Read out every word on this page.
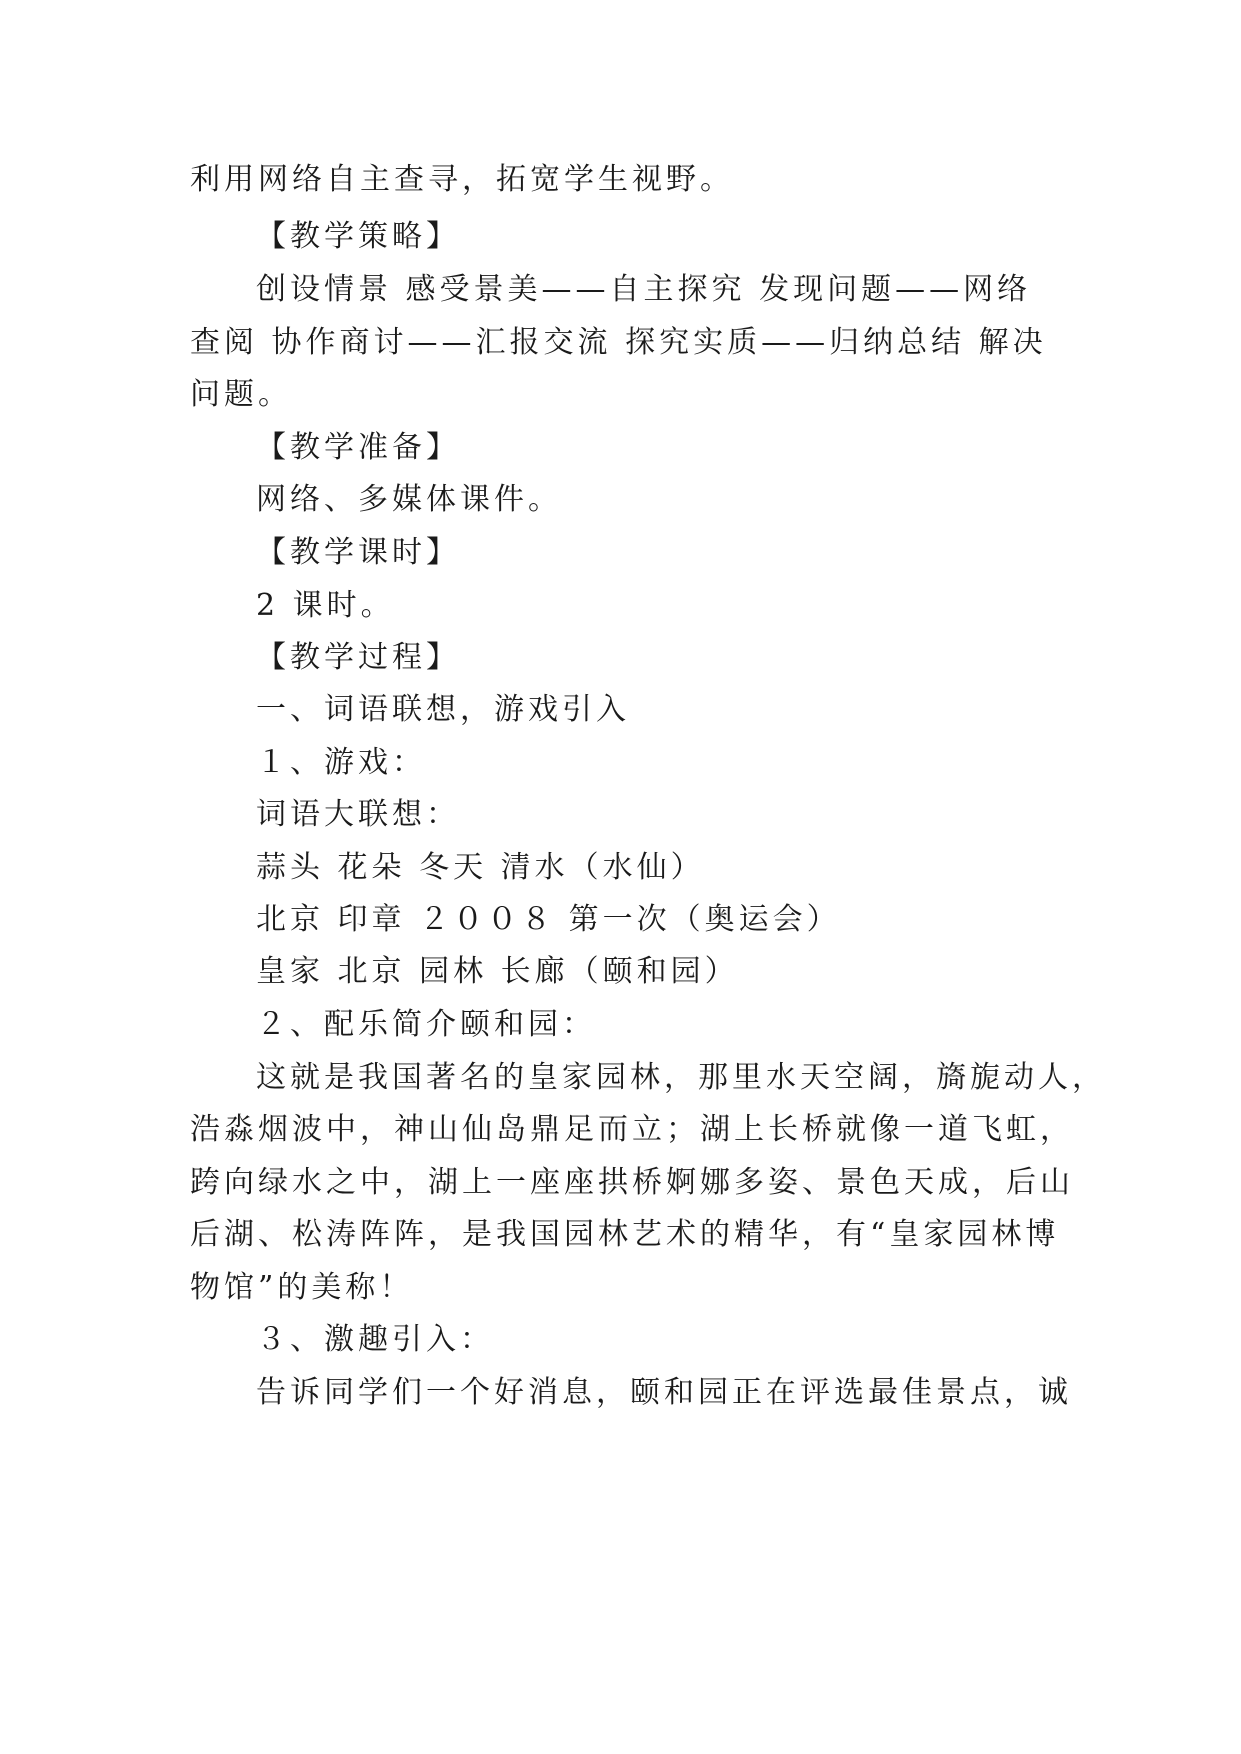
利用网络自主查寻，拓宽学生视野。
【教学策略】
创设情景 感受景美——自主探究 发现问题——网络
查阅 协作商讨——汇报交流 探究实质——归纳总结 解决
问题。
【教学准备】
网络、多媒体课件。
【教学课时】
2 课时。
【教学过程】
一、词语联想，游戏引入
１、游戏：
词语大联想：
蒜头 花朵 冬天 清水（水仙）
北京 印章 ２００８ 第一次（奥运会）
皇家 北京 园林 长廊（颐和园）
２、配乐简介颐和园：
这就是我国著名的皇家园林，那里水天空阔，旖旎动人，
浩淼烟波中，神山仙岛鼎足而立；湖上长桥就像一道飞虹，
跨向绿水之中，湖上一座座拱桥婀娜多姿、景色天成，后山
后湖、松涛阵阵，是我国园林艺术的精华，有“皇家园林博
物馆”的美称！
３、激趣引入：
告诉同学们一个好消息，颐和园正在评选最佳景点，诚
